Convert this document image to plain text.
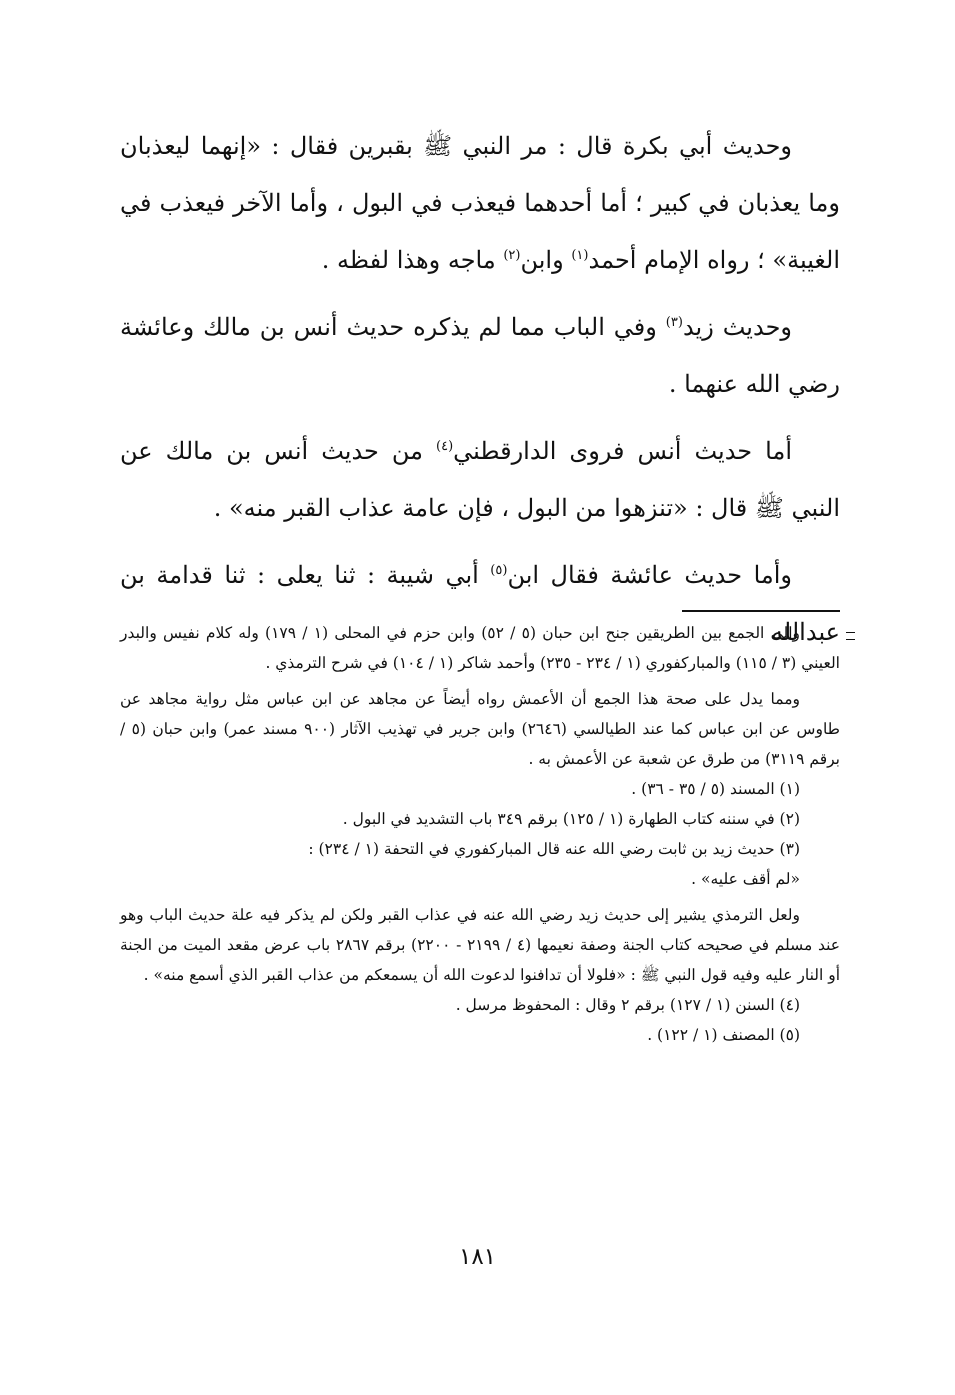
وحديث أبي بكرة قال : مر النبي ﷺ بقبرين فقال : «إنهما ليعذبان وما يعذبان في كبير ؛ أما أحدهما فيعذب في البول ، وأما الآخر فيعذب في الغيبة» ؛ رواه الإمام أحمد$^{(١)}$ وابن$^{(٢)}$ ماجه وهذا لفظه .

وحديث زيد$^{(٣)}$ وفي الباب مما لم يذكره حديث أنس بن مالك وعائشة رضي الله عنهما .

أما حديث أنس فروى الدارقطني$^{(٤)}$ من حديث أنس بن مالك عن النبي ﷺ قال : «تنزهوا من البول ، فإن عامة عذاب القبر منه» .

وأما حديث عائشة فقال ابن$^{(٥)}$ أبي شيبة : ثنا يعلى : ثنا قدامة بن عبدالله

والى الجمع بين الطريقين جنح ابن حبان (٥ / ٥٢) وابن حزم في المحلى (١ / ١٧٩) وله كلام نفيس والبدر العيني (٣ / ١١٥) والمباركفوري (١ / ٢٣٤ - ٢٣٥) وأحمد شاكر (١ / ١٠٤) في شرح الترمذي .

ومما يدل على صحة هذا الجمع أن الأعمش رواه أيضاً عن مجاهد عن ابن عباس مثل رواية مجاهد عن طاوس عن ابن عباس كما عند الطيالسي (٢٦٤٦) وابن جرير في تهذيب الآثار (٩٠٠ مسند عمر) وابن حبان (٥ / برقم ٣١١٩) من طرق عن شعبة عن الأعمش به .

(١) المسند (٥ / ٣٥ - ٣٦) .

(٢) في سننه كتاب الطهارة (١ / ١٢٥) برقم ٣٤٩ باب التشديد في البول .

(٣) حديث زيد بن ثابت رضي الله عنه قال المباركفوري في التحفة (١ / ٢٣٤) :

«لم أقف عليه» .

ولعل الترمذي يشير إلى حديث زيد رضي الله عنه في عذاب القبر ولكن لم يذكر فيه علة حديث الباب وهو عند مسلم في صحيحه كتاب الجنة وصفة نعيمها (٤ / ٢١٩٩ - ٢٢٠٠) برقم ٢٨٦٧ باب عرض مقعد الميت من الجنة أو النار عليه وفيه قول النبي ﷺ : «فلولا أن تدافنوا لدعوت الله أن يسمعكم من عذاب القبر الذي أسمع منه» .

(٤) السنن (١ / ١٢٧) برقم ٢ وقال : المحفوظ مرسل .

(٥) المصنف (١ / ١٢٢) .

١٨١
